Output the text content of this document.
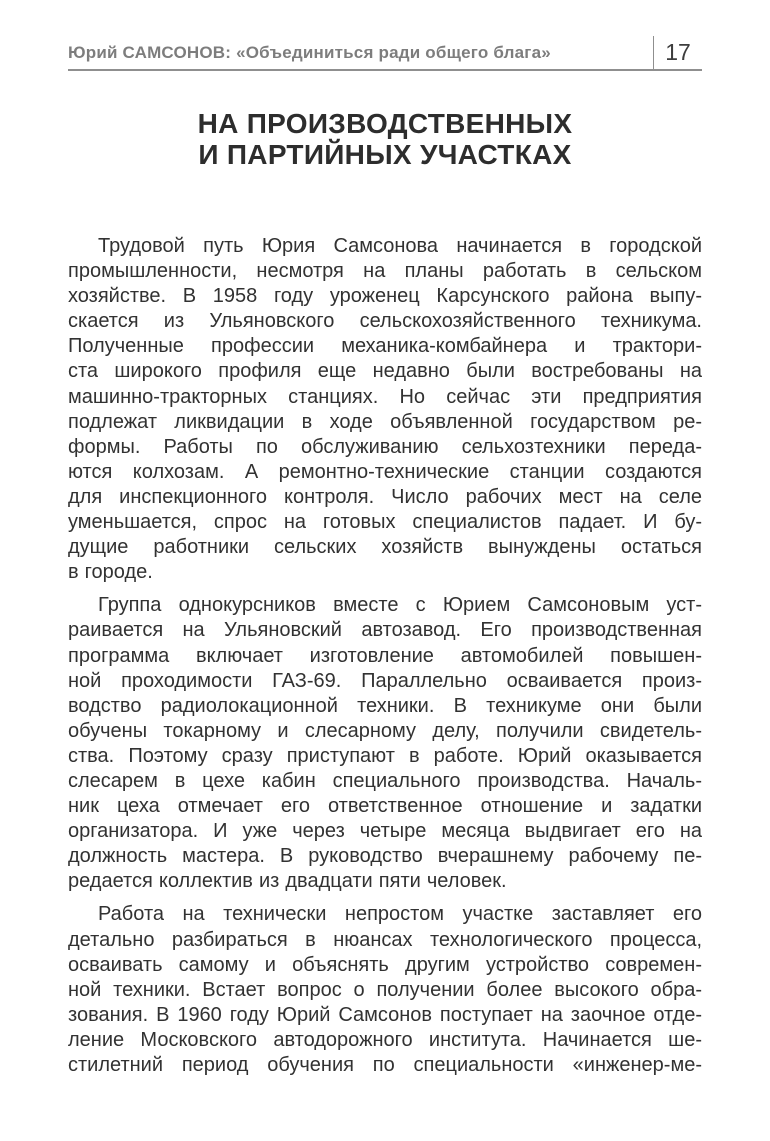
Юрий САМСОНОВ: «Объединиться ради общего блага»	17
НА ПРОИЗВОДСТВЕННЫХ
И ПАРТИЙНЫХ УЧАСТКАХ
Трудовой путь Юрия Самсонова начинается в городской
промышленности, несмотря на планы работать в сельском
хозяйстве. В 1958 году уроженец Карсунского района выпу-
скается из Ульяновского сельскохозяйственного техникума.
Полученные профессии механика-комбайнера и трактори-
ста широкого профиля еще недавно были востребованы на
машинно-тракторных станциях. Но сейчас эти предприятия
подлежат ликвидации в ходе объявленной государством ре-
формы. Работы по обслуживанию сельхозтехники переда-
ются колхозам. А ремонтно-технические станции создаются
для инспекционного контроля. Число рабочих мест на селе
уменьшается, спрос на готовых специалистов падает. И бу-
дущие работники сельских хозяйств вынуждены остаться
в городе.
Группа однокурсников вместе с Юрием Самсоновым уст-
раивается на Ульяновский автозавод. Его производственная
программа включает изготовление автомобилей повышен-
ной проходимости ГАЗ-69. Параллельно осваивается произ-
водство радиолокационной техники. В техникуме они были
обучены токарному и слесарному делу, получили свидетель-
ства. Поэтому сразу приступают в работе. Юрий оказывается
слесарем в цехе кабин специального производства. Началь-
ник цеха отмечает его ответственное отношение и задатки
организатора. И уже через четыре месяца выдвигает его на
должность мастера. В руководство вчерашнему рабочему пе-
редается коллектив из двадцати пяти человек.
Работа на технически непростом участке заставляет его
детально разбираться в нюансах технологического процесса,
осваивать самому и объяснять другим устройство современ-
ной техники. Встает вопрос о получении более высокого обра-
зования. В 1960 году Юрий Самсонов поступает на заочное отде-
ление Московского автодорожного института. Начинается ше-
стилетний период обучения по специальности «инженер-ме-
